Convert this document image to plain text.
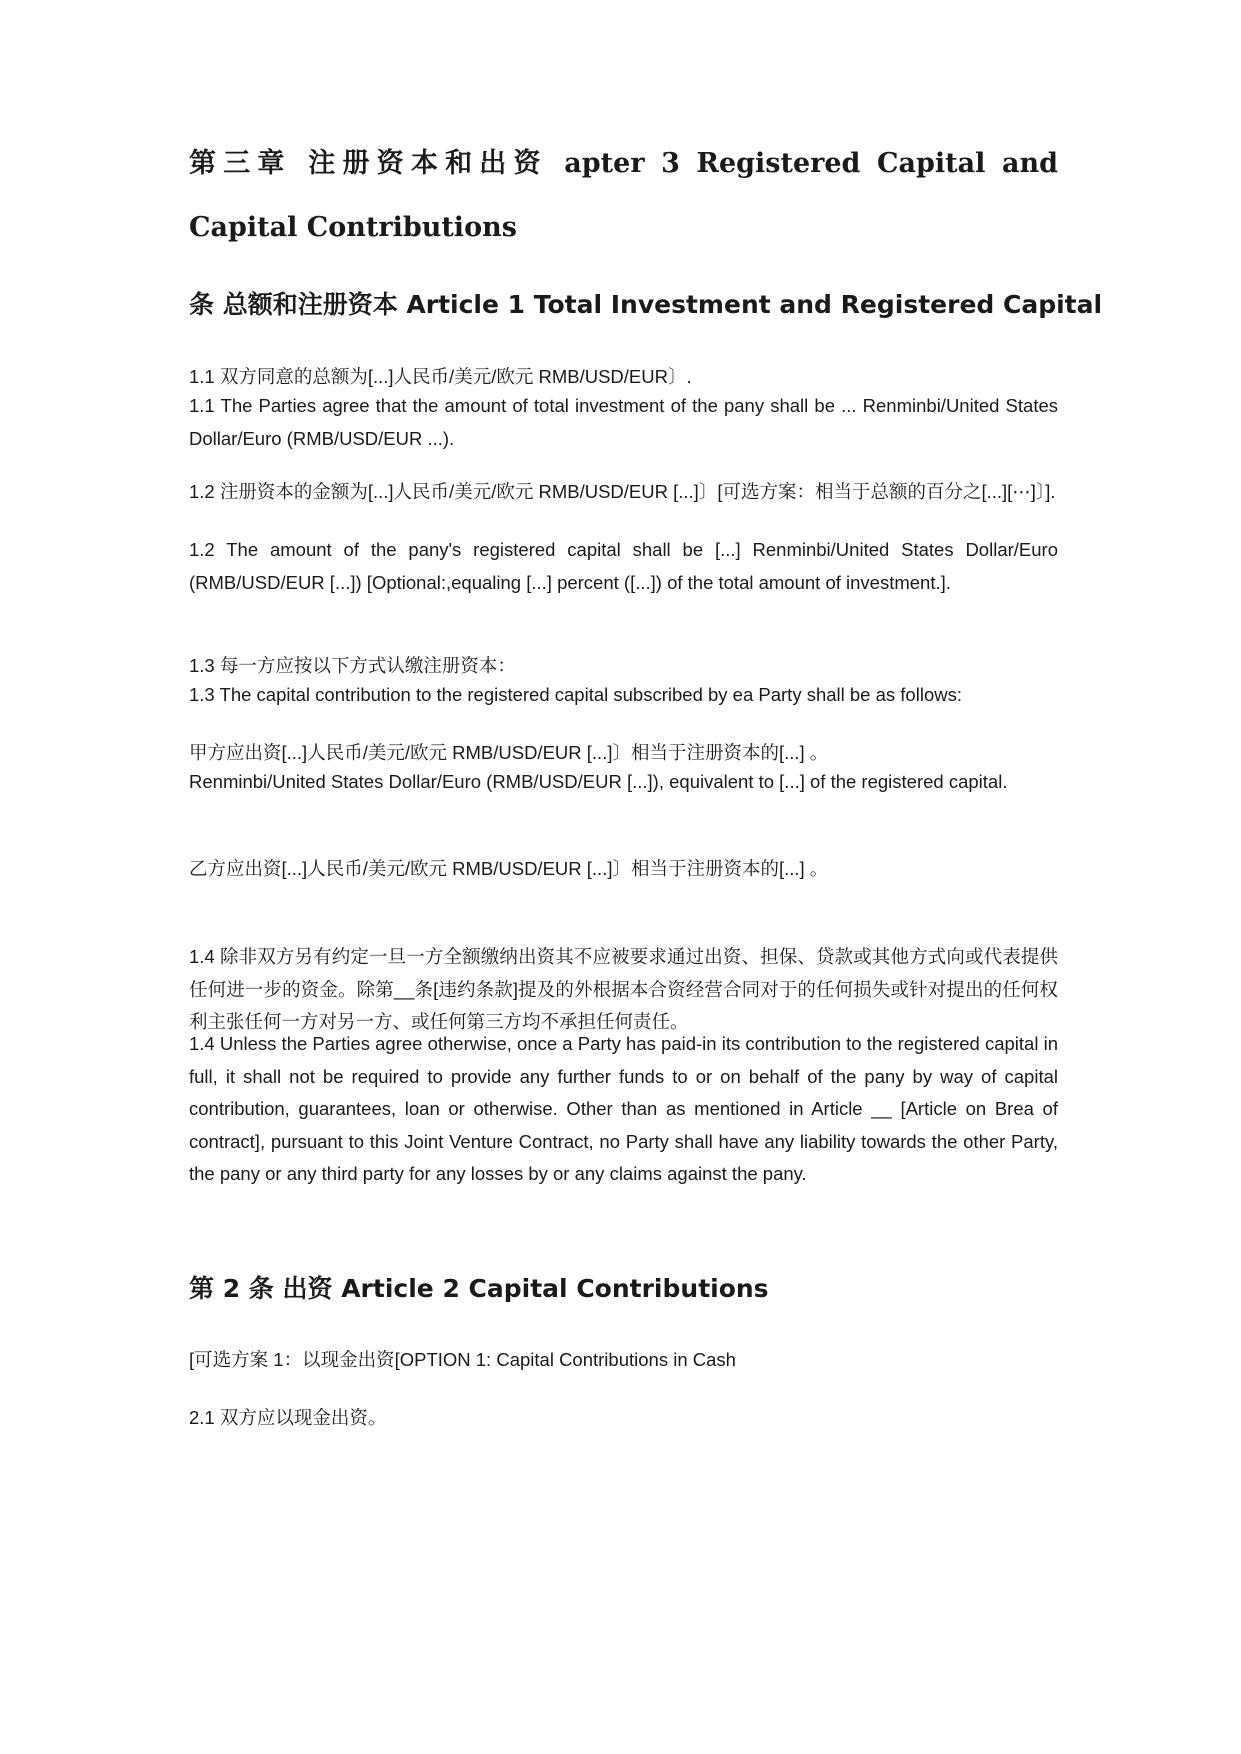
第三章 注册资本和出资 apter 3 Registered Capital and Capital Contributions
条 总额和注册资本 Article 1 Total Investment and Registered Capital

1.1 双方同意的总额为[...]人民币/美元/欧元 RMB/USD/EUR〕.

1.1 The Parties agree that the amount of total investment of the pany shall be ... Renminbi/United States Dollar/Euro (RMB/USD/EUR ...).

1.2 注册资本的金额为[...]人民币/美元/欧元 RMB/USD/EUR [...]〕[可选方案：相当于总额的百分之[...][⋯]〕].

1.2 The amount of the pany's registered capital shall be [...] Renminbi/United States Dollar/Euro (RMB/USD/EUR [...]) [Optional:,equaling [...] percent ([...]) of the total amount of investment.].

1.3 每一方应按以下方式认缴注册资本：

1.3 The capital contribution to the registered capital subscribed by ea Party shall be as follows:

甲方应出资[...]人民币/美元/欧元 RMB/USD/EUR [...]〕相当于注册资本的[...] 。

Renminbi/United States Dollar/Euro (RMB/USD/EUR [...]), equivalent to [...] of the registered capital.

乙方应出资[...]人民币/美元/欧元 RMB/USD/EUR [...]〕相当于注册资本的[...] 。

1.4 除非双方另有约定一旦一方全额缴纳出资其不应被要求通过出资、担保、贷款或其他方式向或代表提供任何进一步的资金。除第__条[违约条款]提及的外根据本合资经营合同对于的任何损失或针对提出的任何权利主张任何一方对另一方、或任何第三方均不承担任何责任。

1.4 Unless the Parties agree otherwise, once a Party has paid-in its contribution to the registered capital in full, it shall not be required to provide any further funds to or on behalf of the pany by way of capital contribution, guarantees, loan or otherwise. Other than as mentioned in Article __ [Article on Brea of contract], pursuant to this Joint Venture Contract, no Party shall have any liability towards the other Party, the pany or any third party for any losses by or any claims against the pany.

第 2 条 出资 Article 2 Capital Contributions

[可选方案 1：以现金出资[OPTION 1: Capital Contributions in Cash

2.1 双方应以现金出资。
